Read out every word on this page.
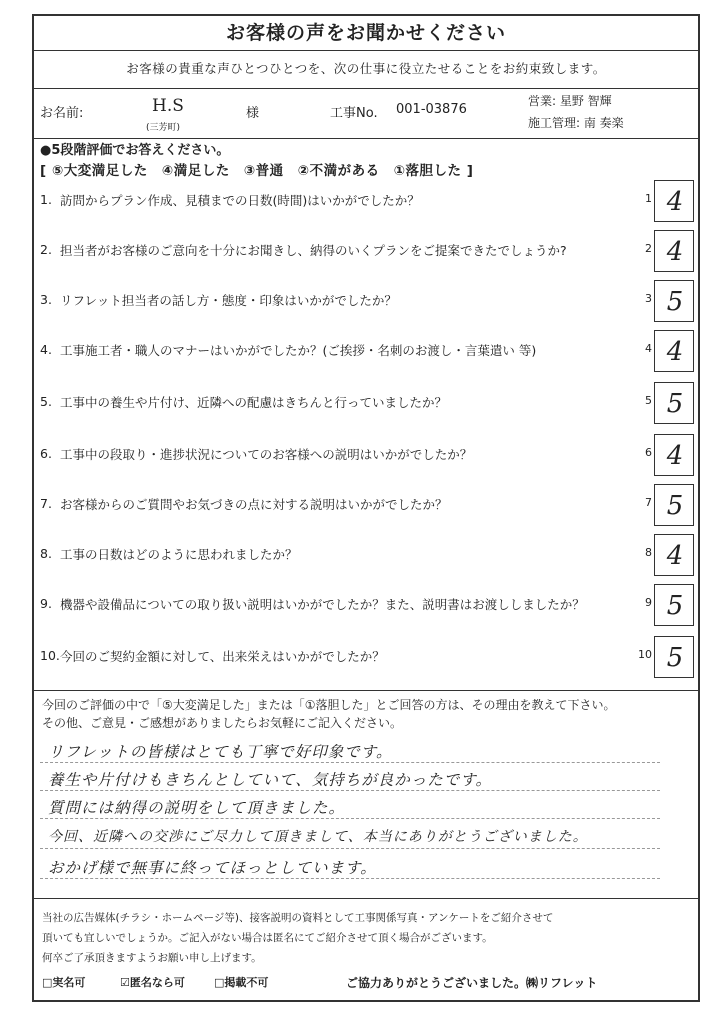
お客様の声をお聞かせください
お客様の貴重な声ひとつひとつを、次の仕事に役立たせることをお約束致します。
お名前:	H.S
(三芳町)
様	工事No. 001-03876
営業: 星野 智輝
施工管理: 南 奏楽
●5段階評価でお答えください。
[ ⑤大変満足した　④満足した　③普通　②不満がある　①落胆した ]
1. 訪問からプラン作成、見積までの日数(時間)はいかがでしたか？	1 4
2. 担当者がお客様のご意向を十分にお聞きし、納得のいくプランをご提案できたでしょうか?	2 4
3. リフレット担当者の話し方・態度・印象はいかがでしたか？	3 5
4. 工事施工者・職人のマナーはいかがでしたか？(ご挨拶・名刺のお渡し・言葉遣い 等)	4 4
5. 工事中の養生や片付け、近隣への配慮はきちんと行っていましたか？	5 5
6. 工事中の段取り・進捗状況についてのお客様への説明はいかがでしたか？	6 4
7. お客様からのご質問やお気づきの点に対する説明はいかがでしたか？	7 5
8. 工事の日数はどのように思われましたか？	8 4
9. 機器や設備品についての取り扱い説明はいかがでしたか？また、説明書はお渡ししましたか？	9 5
10. 今回のご契約金額に対して、出来栄えはいかがでしたか？	10 5
今回のご評価の中で「⑤大変満足した」または「①落胆した」とご回答の方は、その理由を教えて下さい。
その他、ご意見・ご感想がありましたらお気軽にご記入ください。
リフレットの皆様はとても丁寧で好印象です。
養生や片付けもきちんとしていて、気持ちが良かったです。
質問には納得の説明をして頂きました。
今回、近隣への交渉にご尽力して頂きまして、本当にありがとうございました。
おかげ様で無事に終ってほっとしています。
当社の広告媒体(チラシ・ホームページ等)、接客説明の資料として工事関係写真・アンケートをご紹介させて
頂いても宜しいでしょうか。ご記入がない場合は匿名にてご紹介させて頂く場合がございます。
何卒ご了承頂きますようお願い申し上げます。
□実名可	☑匿名なら可	□掲載不可	ご協力ありがとうございました。㈱リフレット
